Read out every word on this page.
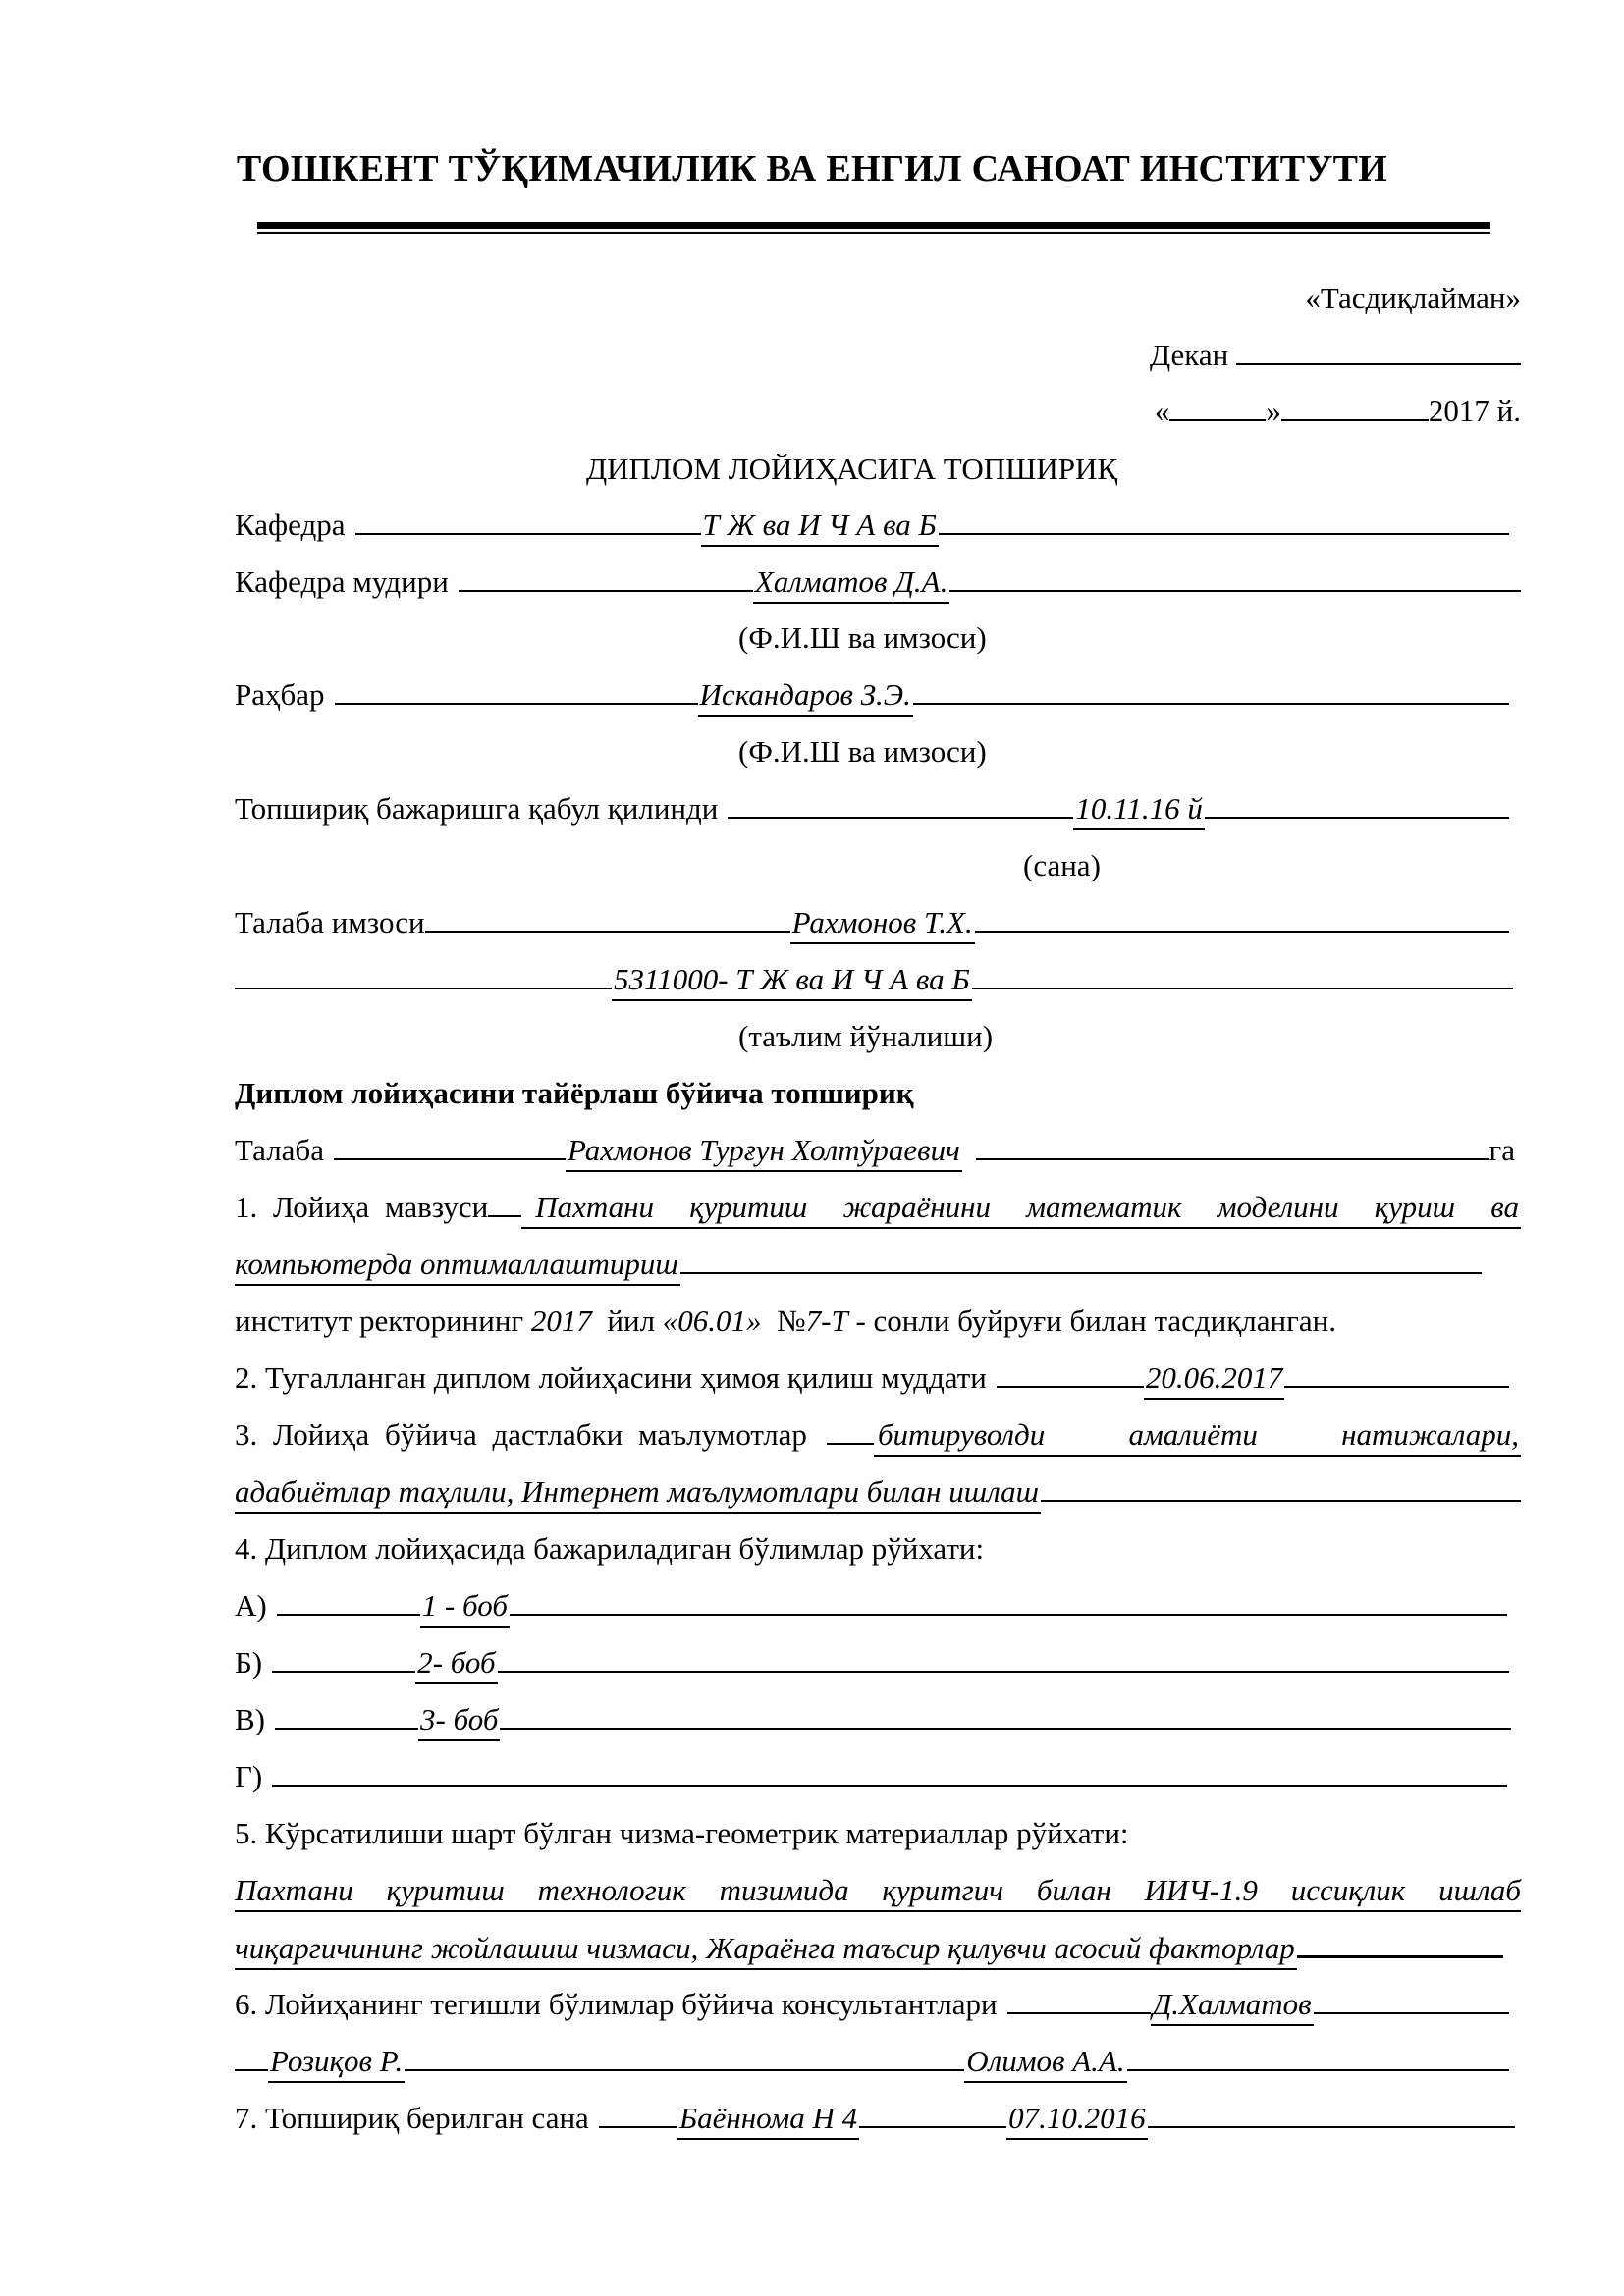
ТОШКЕНТ ТЎҚИМАЧИЛИК ВА ЕНГИЛ САНОАТ ИНСТИТУТИ
«Тасдиқлайман»
Декан
«	»	2017 й.
ДИПЛОМ ЛОЙИҲАСИГА ТОПШИРИҚ
Кафедра	Т Ж ва И Ч А ва Б
Кафедра мудири	Халматов Д.А.
(Ф.И.Ш ва имзоси)
Раҳбар	Искандаров З.Э.
(Ф.И.Ш ва имзоси)
Топшириқ бажаришга қабул қилинди	10.11.16 й
(сана)
Талаба имзоси	Рахмонов Т.Х.
5311000- Т Ж ва И Ч А ва Б
(таълим йўналиши)
Диплом лойиҳасини тайёрлаш бўйича топшириқ
Талаба	Рахмонов Турғун Холтўраевич	га
1. Лойиҳа мавзуси	Пахтани қуритиш жараёнини математик моделини қуриш ва
компьютерда оптималлаштириш
институт ректорининг 2017 йил «06.01» №7-Т - сонли буйруғи билан тасдиқланган.
2. Тугалланган диплом лойиҳасини ҳимоя қилиш муддати	20.06.2017
3. Лойиҳа бўйича дастлабки маълумотлар битируволди амалиёти натижалари,
адабиётлар таҳлили, Интернет маълумотлари билан ишлаш
4. Диплом лойиҳасида бажариладиган бўлимлар рўйхати:
А)	1 - боб
Б)	2- боб
В)	3- боб
Г)
5. Кўрсатилиши шарт бўлган чизма-геометрик материаллар рўйхати:
Пахтани қуритиш технологик тизимида қуритгич билан ИИЧ-1.9 иссиқлик ишлаб
чиқаргичининг жойлашиш чизмаси, Жараёнга таъсир қилувчи асосий факторлар
6. Лойиҳанинг тегишли бўлимлар бўйича консультантлари	Д.Халматов
Розиқов Р.	Олимов А.А.
7. Топшириқ берилган сана	Баённома Н 4	07.10.2016
